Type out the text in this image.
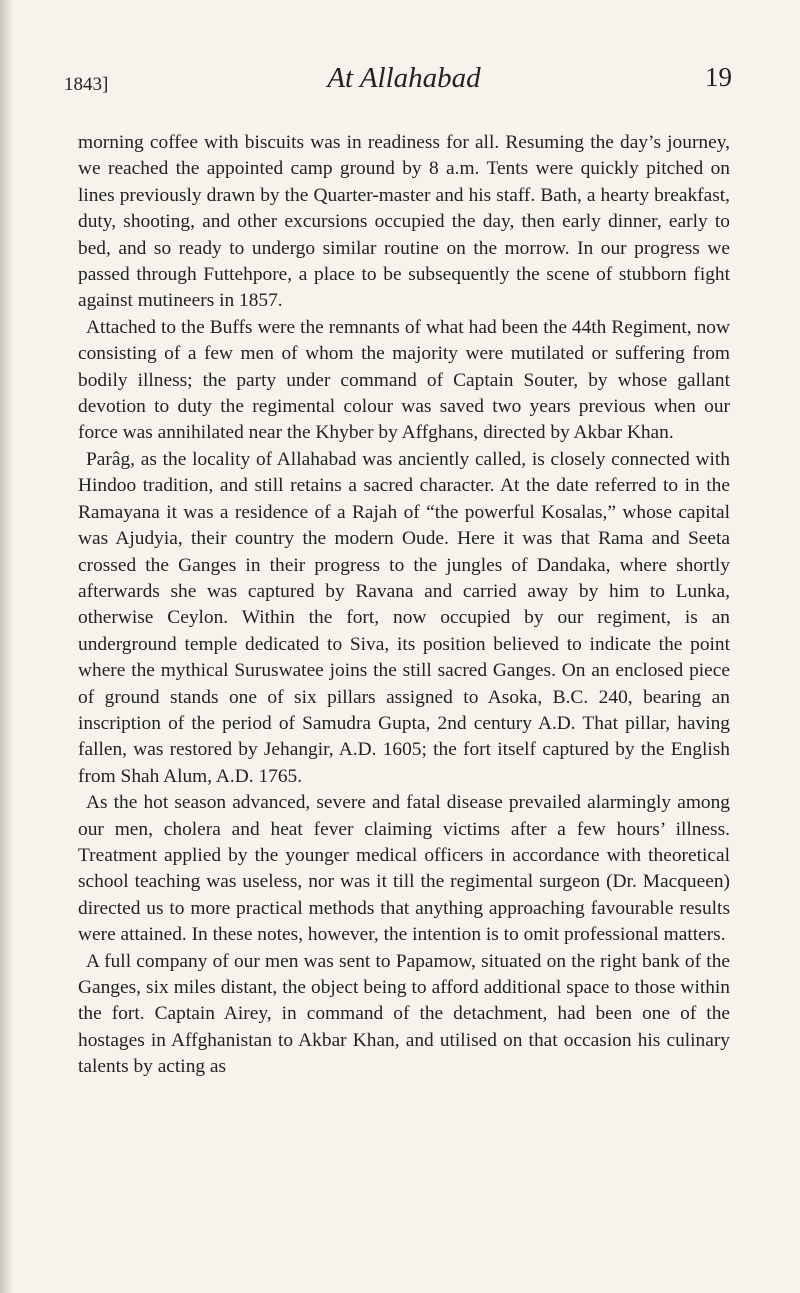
1843]	At Allahabad	19

morning coffee with biscuits was in readiness for all. Resuming the day’s journey, we reached the appointed camp ground by 8 a.m. Tents were quickly pitched on lines previously drawn by the Quarter-master and his staff. Bath, a hearty breakfast, duty, shooting, and other excursions occupied the day, then early dinner, early to bed, and so ready to undergo similar routine on the morrow. In our progress we passed through Futtehpore, a place to be subsequently the scene of stubborn fight against mutineers in 1857.

Attached to the Buffs were the remnants of what had been the 44th Regiment, now consisting of a few men of whom the majority were mutilated or suffering from bodily illness; the party under command of Captain Souter, by whose gallant devotion to duty the regimental colour was saved two years previous when our force was annihilated near the Khyber by Affghans, directed by Akbar Khan.

Parâg, as the locality of Allahabad was anciently called, is closely connected with Hindoo tradition, and still retains a sacred character. At the date referred to in the Ramayana it was a residence of a Rajah of “the powerful Kosalas,” whose capital was Ajudyia, their country the modern Oude. Here it was that Rama and Seeta crossed the Ganges in their progress to the jungles of Dandaka, where shortly afterwards she was captured by Ravana and carried away by him to Lunka, otherwise Ceylon. Within the fort, now occupied by our regiment, is an underground temple dedicated to Siva, its position believed to indicate the point where the mythical Suruswatee joins the still sacred Ganges. On an enclosed piece of ground stands one of six pillars assigned to Asoka, B.C. 240, bearing an inscription of the period of Samudra Gupta, 2nd century A.D. That pillar, having fallen, was restored by Jehangir, A.D. 1605; the fort itself captured by the English from Shah Alum, A.D. 1765.

As the hot season advanced, severe and fatal disease prevailed alarmingly among our men, cholera and heat fever claiming victims after a few hours’ illness. Treatment applied by the younger medical officers in accordance with theoretical school teaching was useless, nor was it till the regimental surgeon (Dr. Macqueen) directed us to more practical methods that anything approaching favourable results were attained. In these notes, however, the intention is to omit professional matters.

A full company of our men was sent to Papamow, situated on the right bank of the Ganges, six miles distant, the object being to afford additional space to those within the fort. Captain Airey, in command of the detachment, had been one of the hostages in Affghanistan to Akbar Khan, and utilised on that occasion his culinary talents by acting as
